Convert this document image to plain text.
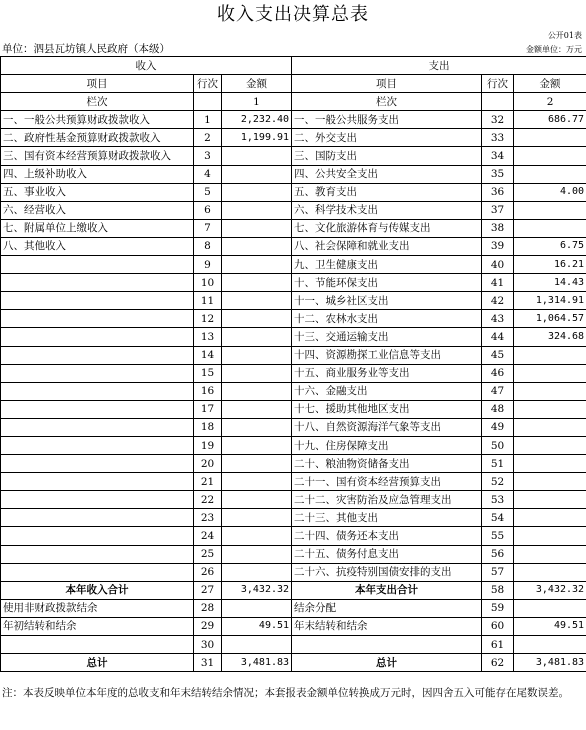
收入支出决算总表
公开01表
单位：泗县瓦坊镇人民政府（本级）	金额单位：万元
收入			支出		
项目	行次	金额	项目	行次	金额
栏次		1	栏次		2
一、一般公共预算财政拨款收入	1	2,232.40	一、一般公共服务支出	32	686.77
二、政府性基金预算财政拨款收入	2	1,199.91	二、外交支出	33	
三、国有资本经营预算财政拨款收入	3		三、国防支出	34	
四、上级补助收入	4		四、公共安全支出	35	
五、事业收入	5		五、教育支出	36	4.00
六、经营收入	6		六、科学技术支出	37	
七、附属单位上缴收入	7		七、文化旅游体育与传媒支出	38	
八、其他收入	8		八、社会保障和就业支出	39	6.75
	9		九、卫生健康支出	40	16.21
	10		十、节能环保支出	41	14.43
	11		十一、城乡社区支出	42	1,314.91
	12		十二、农林水支出	43	1,064.57
	13		十三、交通运输支出	44	324.68
	14		十四、资源勘探工业信息等支出	45	
	15		十五、商业服务业等支出	46	
	16		十六、金融支出	47	
	17		十七、援助其他地区支出	48	
	18		十八、自然资源海洋气象等支出	49	
	19		十九、住房保障支出	50	
	20		二十、粮油物资储备支出	51	
	21		二十一、国有资本经营预算支出	52	
	22		二十二、灾害防治及应急管理支出	53	
	23		二十三、其他支出	54	
	24		二十四、债务还本支出	55	
	25		二十五、债务付息支出	56	
	26		二十六、抗疫特别国债安排的支出	57	
本年收入合计	27	3,432.32	本年支出合计	58	3,432.32
使用非财政拨款结余	28		结余分配	59	
年初结转和结余	29	49.51	年末结转和结余	60	49.51
	30			61	
总计	31	3,481.83	总计	62	3,481.83
注：本表反映单位本年度的总收支和年末结转结余情况；本套报表金额单位转换成万元时，因四舍五入可能存在尾数误差。
